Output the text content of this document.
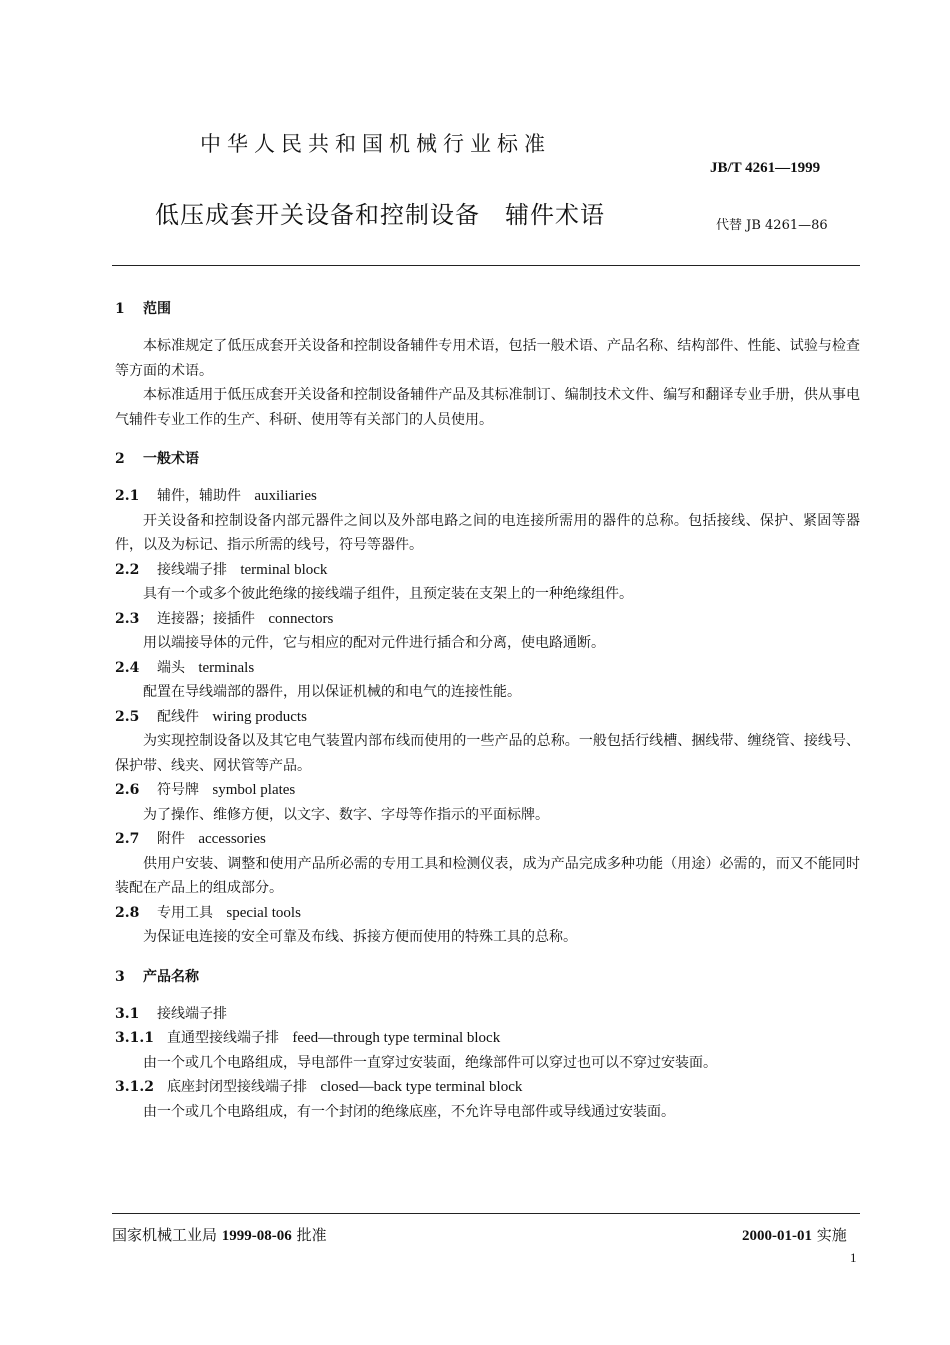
中华人民共和国机械行业标准
JB/T 4261—1999
低压成套开关设备和控制设备　辅件术语	代替 JB 4261—86
1 范围
本标准规定了低压成套开关设备和控制设备辅件专用术语，包括一般术语、产品名称、结构部件、性能、试验与检查等方面的术语。
本标准适用于低压成套开关设备和控制设备辅件产品及其标准制订、编制技术文件、编写和翻译专业手册，供从事电气辅件专业工作的生产、科研、使用等有关部门的人员使用。
2 一般术语
2.1 辅件，辅助件 auxiliaries
开关设备和控制设备内部元器件之间以及外部电路之间的电连接所需用的器件的总称。包括接线、保护、紧固等器件，以及为标记、指示所需的线号，符号等器件。
2.2 接线端子排 terminal block
具有一个或多个彼此绝缘的接线端子组件，且预定装在支架上的一种绝缘组件。
2.3 连接器；接插件 connectors
用以端接导体的元件，它与相应的配对元件进行插合和分离，使电路通断。
2.4 端头 terminals
配置在导线端部的器件，用以保证机械的和电气的连接性能。
2.5 配线件 wiring products
为实现控制设备以及其它电气装置内部布线而使用的一些产品的总称。一般包括行线槽、捆线带、缠绕管、接线号、保护带、线夹、网状管等产品。
2.6 符号牌 symbol plates
为了操作、维修方便，以文字、数字、字母等作指示的平面标牌。
2.7 附件 accessories
供用户安装、调整和使用产品所必需的专用工具和检测仪表，成为产品完成多种功能（用途）必需的，而又不能同时装配在产品上的组成部分。
2.8 专用工具 special tools
为保证电连接的安全可靠及布线、拆接方便而使用的特殊工具的总称。
3 产品名称
3.1 接线端子排
3.1.1 直通型接线端子排 feed—through type terminal block
由一个或几个电路组成，导电部件一直穿过安装面，绝缘部件可以穿过也可以不穿过安装面。
3.1.2 底座封闭型接线端子排 closed—back type terminal block
由一个或几个电路组成，有一个封闭的绝缘底座，不允许导电部件或导线通过安装面。
国家机械工业局 1999-08-06 批准	2000-01-01 实施
1
